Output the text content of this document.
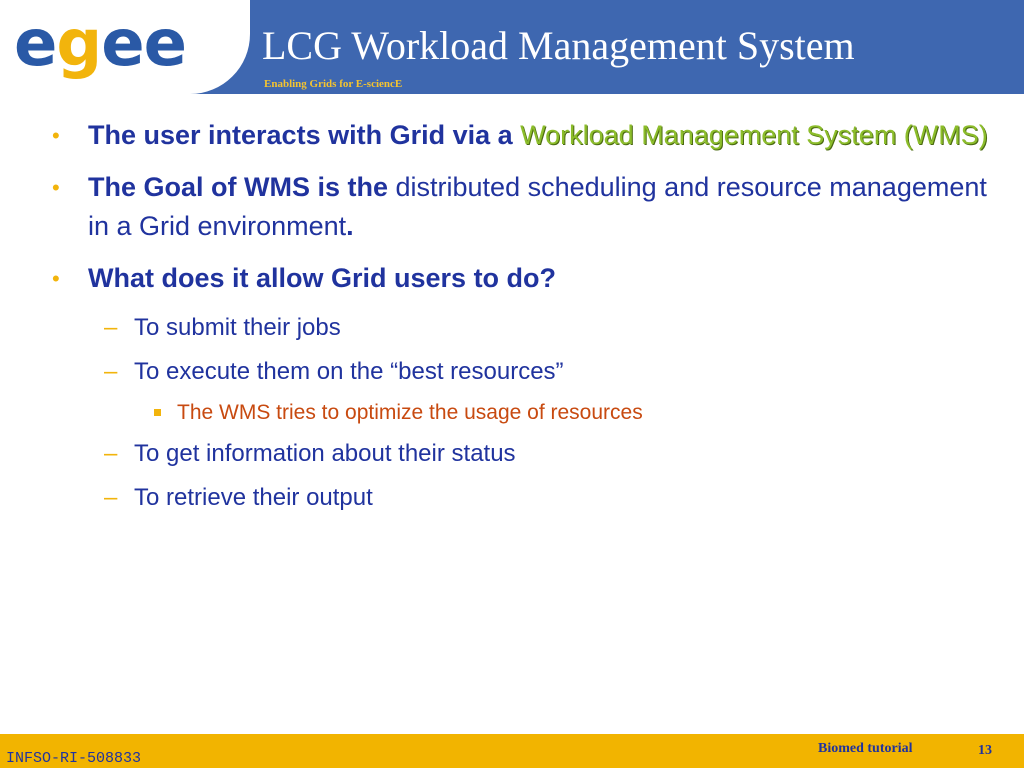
egee LCG Workload Management System
Enabling Grids for E-sciencE
• The user interacts with Grid via a Workload Management System (WMS)
• The Goal of WMS is the distributed scheduling and resource management in a Grid environment.
• What does it allow Grid users to do?
– To submit their jobs
– To execute them on the “best resources”
The WMS tries to optimize the usage of resources
– To get information about their status
– To retrieve their output
INFSO-RI-508833
Biomed tutorial	13
